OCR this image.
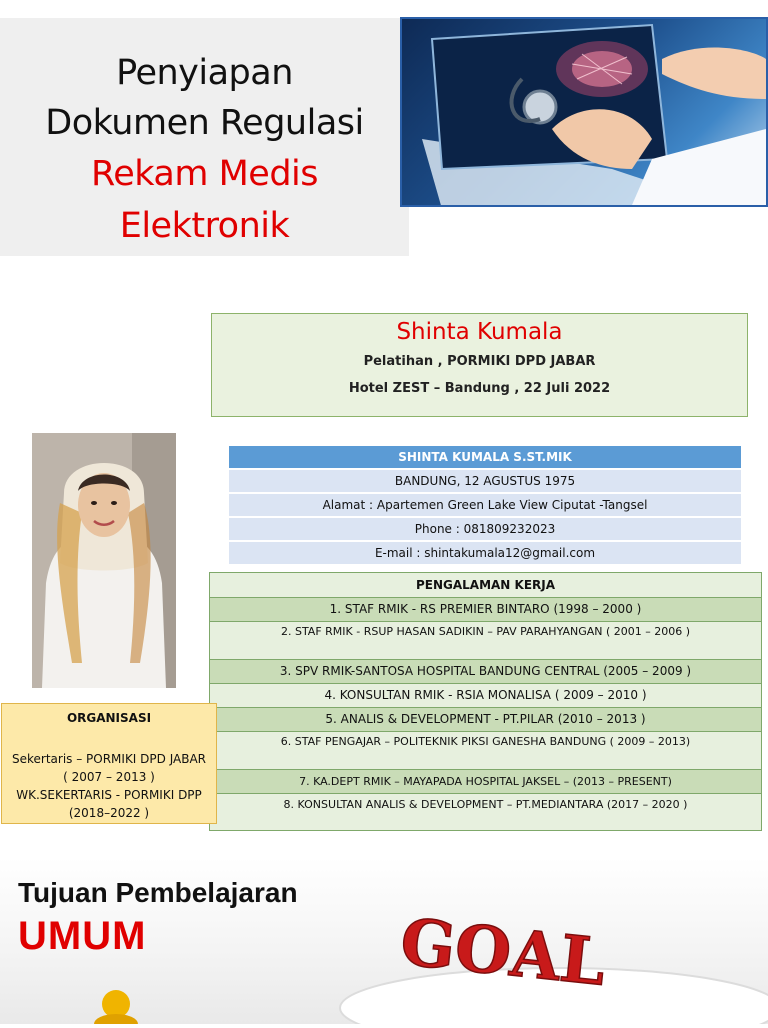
Penyiapan
Dokumen Regulasi
Rekam Medis
Elektronik
Shinta Kumala
Pelatihan , PORMIKI DPD JABAR
Hotel ZEST – Bandung , 22 Juli 2022
SHINTA KUMALA S.ST.MIK
BANDUNG, 12 AGUSTUS 1975
Alamat : Apartemen Green Lake View Ciputat -Tangsel
Phone : 081809232023
E-mail : shintakumala12@gmail.com
PENGALAMAN KERJA
1. STAF RMIK - RS PREMIER BINTARO (1998 – 2000 )
2. STAF RMIK - RSUP HASAN SADIKIN – PAV PARAHYANGAN ( 2001 – 2006 )
3. SPV RMIK-SANTOSA HOSPITAL BANDUNG CENTRAL (2005 – 2009 )
4. KONSULTAN RMIK - RSIA MONALISA ( 2009 – 2010 )
5. ANALIS & DEVELOPMENT - PT.PILAR (2010 – 2013 )
6. STAF PENGAJAR – POLITEKNIK PIKSI GANESHA BANDUNG ( 2009 – 2013)
7. KA.DEPT RMIK – MAYAPADA HOSPITAL JAKSEL – (2013 – PRESENT)
8. KONSULTAN ANALIS & DEVELOPMENT – PT.MEDIANTARA (2017 – 2020 )
ORGANISASI
Sekertaris – PORMIKI DPD JABAR
( 2007 – 2013 )
WK.SEKERTARIS - PORMIKI DPP
(2018–2022 )
GOAL
Tujuan Pembelajaran
UMUM
